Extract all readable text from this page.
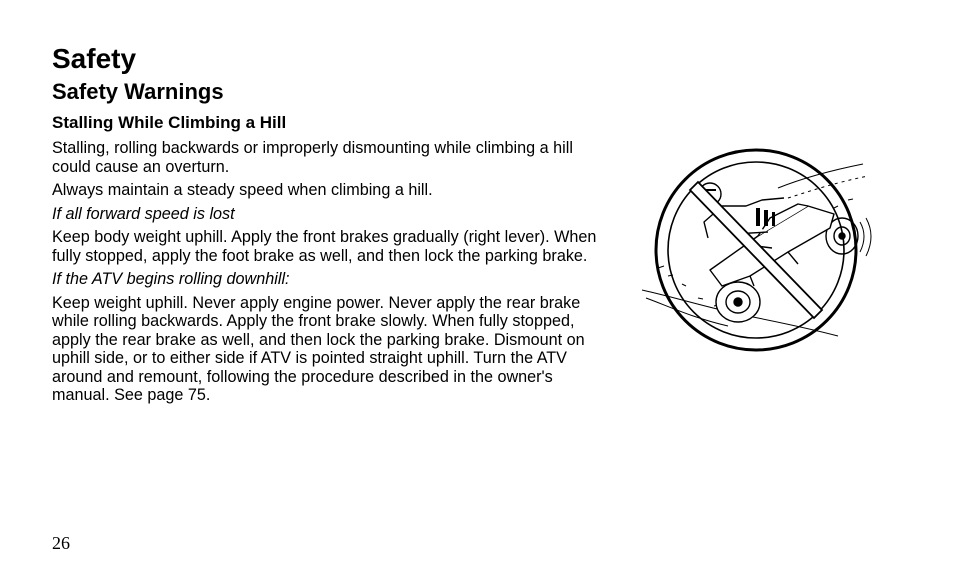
Safety
Safety Warnings
Stalling While Climbing a Hill

Stalling, rolling backwards or improperly dismounting while climbing a hill could cause an overturn.

Always maintain a steady speed when climbing a hill.

If all forward speed is lost

Keep body weight uphill. Apply the front brakes gradually (right lever). When fully stopped, apply the foot brake as well, and then lock the parking brake.

If the ATV begins rolling downhill:

Keep weight uphill. Never apply engine power. Never apply the rear brake while rolling backwards. Apply the front brake slowly. When fully stopped, apply the rear brake as well, and then lock the parking brake. Dismount on uphill side, or to either side if ATV is pointed straight uphill. Turn the ATV around and remount, following the procedure described in the owner's manual. See page 75.

26
